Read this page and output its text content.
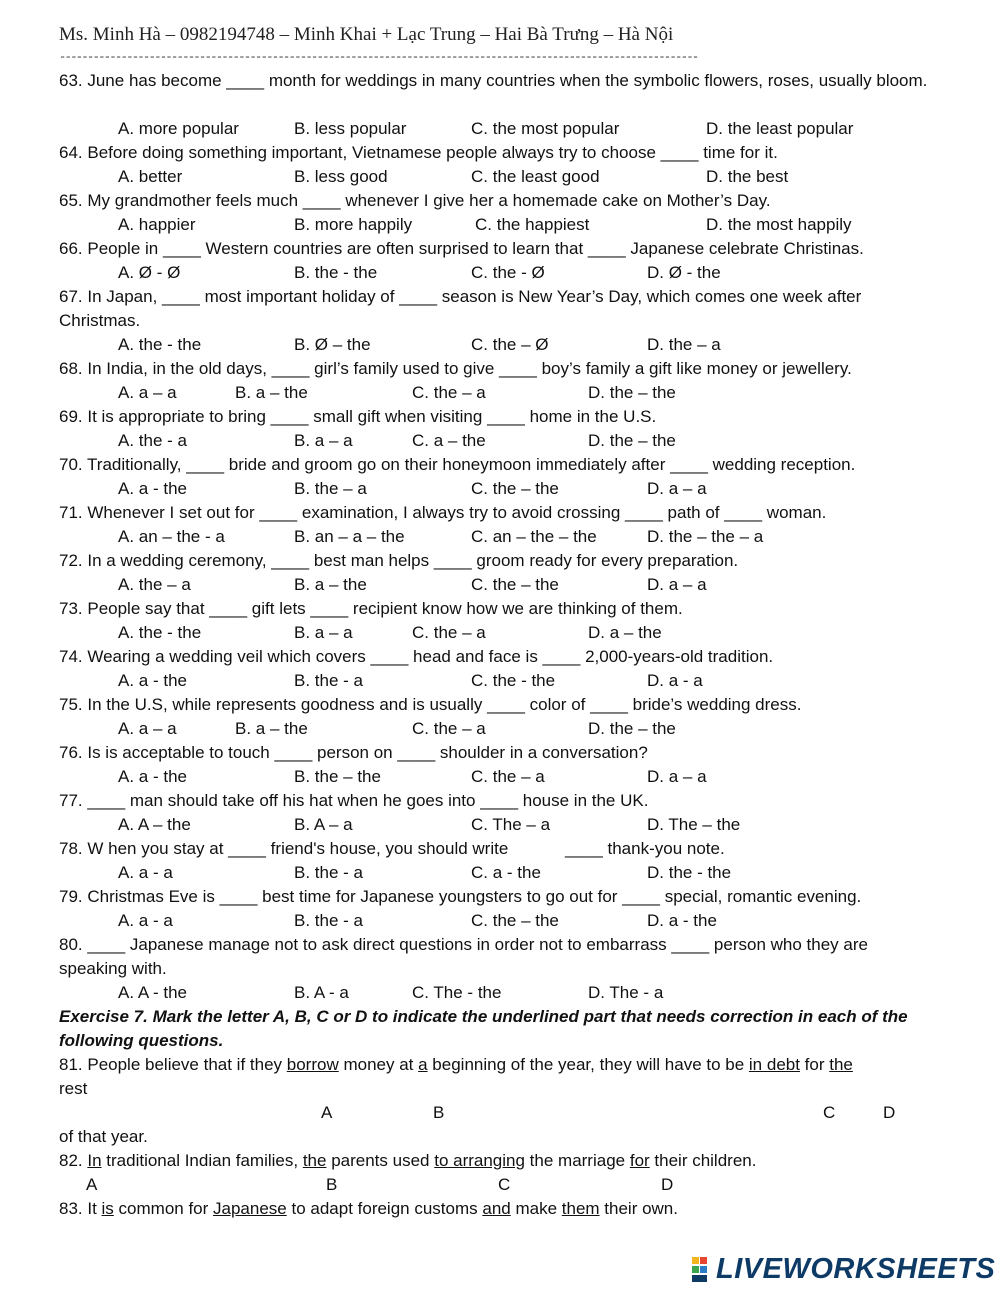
Ms. Minh Hà – 0982194748 – Minh Khai + Lạc Trung – Hai Bà Trưng – Hà Nội
------------------------------------------------------------------------------------------------------------------
63. June has become ____ month for weddings in many countries when the symbolic flowers, roses, usually bloom.
A. more popular	B. less popular	C. the most popular	D. the least popular
64. Before doing something important, Vietnamese people always try to choose ____ time for it.
A. better	B. less good	C. the least good	D. the best
65. My grandmother feels much ____ whenever I give her a homemade cake on Mother’s Day.
A. happier	B. more happily	C. the happiest	D. the most happily
66. People in ____ Western countries are often surprised to learn that ____ Japanese celebrate Christinas.
A. Ø - Ø	B. the - the	C. the - Ø	D. Ø - the
67. In Japan, ____ most important holiday of ____ season is New Year’s Day, which comes one week after Christmas.
A. the - the	B. Ø – the	C. the – Ø	D. the – a
68. In India, in the old days, ____ girl’s family used to give ____ boy’s family a gift like money or jewellery.
A. a – a	B. a – the	C. the – a	D. the – the
69. It is appropriate to bring ____ small gift when visiting ____ home in the U.S.
A. the - a	B. a – a	C. a – the	D. the – the
70. Traditionally, ____ bride and groom go on their honeymoon immediately after ____ wedding reception.
A. a - the	B. the – a	C. the – the	D. a – a
71. Whenever I set out for ____ examination, I always try to avoid crossing ____ path of ____ woman.
A. an – the - a	B. an – a – the	C. an – the – the	D. the – the – a
72. In a wedding ceremony, ____ best man helps ____ groom ready for every preparation.
A. the – a	B. a – the	C. the – the	D. a – a
73. People say that ____ gift lets ____ recipient know how we are thinking of them.
A. the - the	B. a – a	C. the – a	D. a – the
74. Wearing a wedding veil which covers ____ head and face is ____ 2,000-years-old tradition.
A. a - the	B. the - a	C. the - the	D. a - a
75. In the U.S, while represents goodness and is usually ____ color of ____ bride’s wedding dress.
A. a – a	B. a – the	C. the – a	D. the – the
76. Is is acceptable to touch ____ person on ____ shoulder in a conversation?
A. a - the	B. the – the	C. the – a	D. a – a
77. ____ man should take off his hat when he goes into ____ house in the UK.
A. A – the	B. A – a	C. The – a	D. The – the
78. W hen you stay at ____ friend's house, you should write            ____ thank-you note.
A. a - a	B. the - a	C. a - the	D. the - the
79. Christmas Eve is ____ best time for Japanese youngsters to go out for ____ special, romantic evening.
A. a - a	B. the - a	C. the – the	D. a - the
80. ____ Japanese manage not to ask direct questions in order not to embarrass ____ person who they are speaking with.
A. A - the	B. A - a	C. The - the	D. The - a
Exercise 7. Mark the letter A, B, C or D to indicate the underlined part that needs correction in each of the following questions.
81. People believe that if they borrow money at a beginning of the year, they will have to be in debt for the
rest
A	B	C	D
of that year.
82. In traditional Indian families, the parents used to arranging the marriage for their children.
A	B	C	D
83. It is common for Japanese to adapt foreign customs and make them their own.
LIVEWORKSHEETS
